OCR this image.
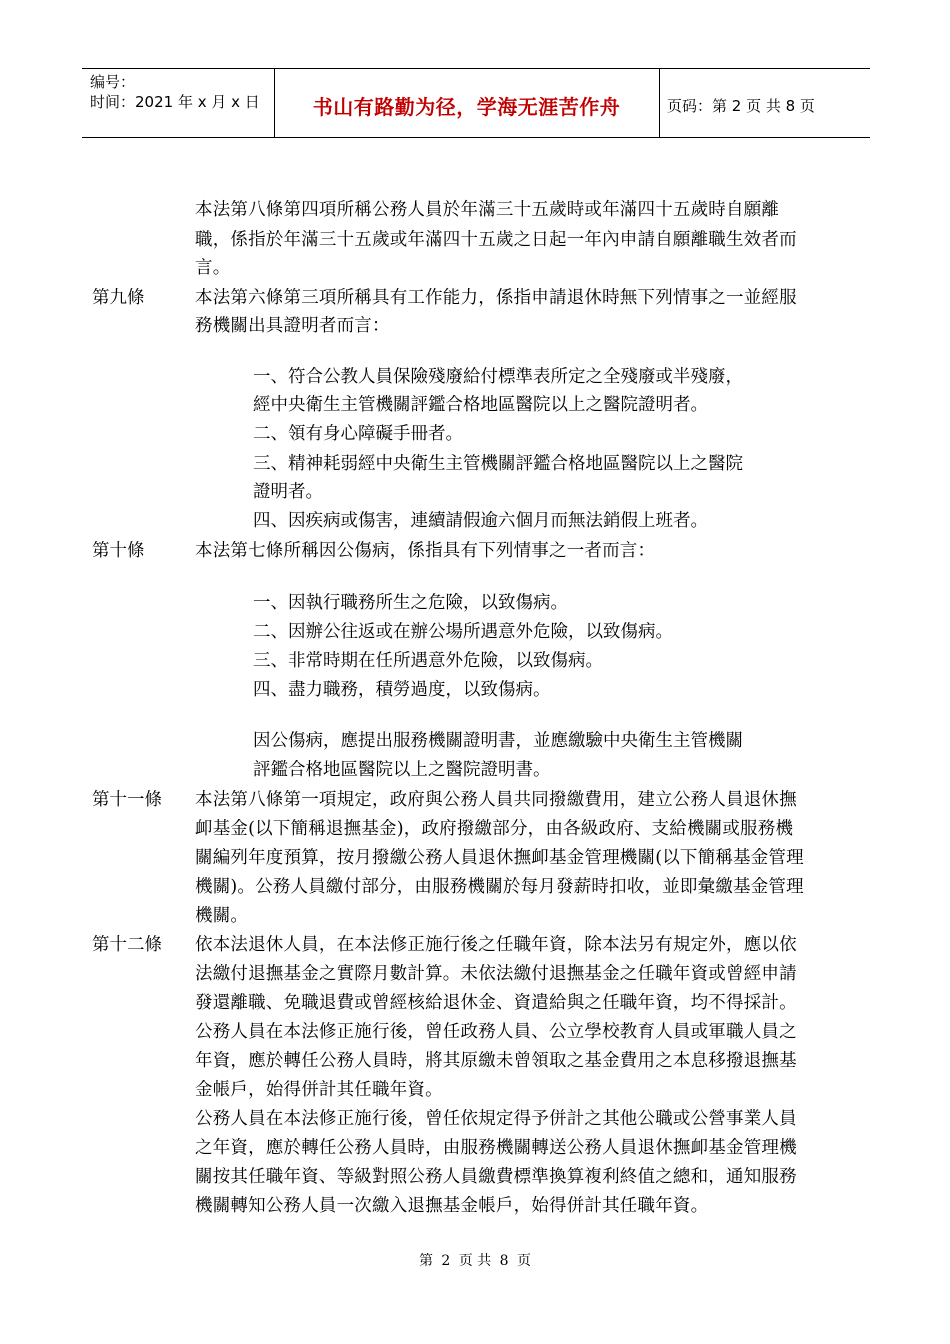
编号：
时间：2021 年 x 月 x 日	书山有路勤为径，学海无涯苦作舟	页码：第 2 页 共 8 页
本法第八條第四項所稱公務人員於年滿三十五歲時或年滿四十五歲時自願離
職，係指於年滿三十五歲或年滿四十五歲之日起一年內申請自願離職生效者而
言。
第九條	本法第六條第三項所稱具有工作能力，係指申請退休時無下列情事之一並經服
務機關出具證明者而言：
一、符合公教人員保險殘廢給付標準表所定之全殘廢或半殘廢，
經中央衛生主管機關評鑑合格地區醫院以上之醫院證明者。
二、領有身心障礙手冊者。
三、精神耗弱經中央衛生主管機關評鑑合格地區醫院以上之醫院
證明者。
四、因疾病或傷害，連續請假逾六個月而無法銷假上班者。
第十條	本法第七條所稱因公傷病，係指具有下列情事之一者而言：
一、因執行職務所生之危險，以致傷病。
二、因辦公往返或在辦公場所遇意外危險，以致傷病。
三、非常時期在任所遇意外危險，以致傷病。
四、盡力職務，積勞過度，以致傷病。
因公傷病，應提出服務機關證明書，並應繳驗中央衛生主管機關
評鑑合格地區醫院以上之醫院證明書。
第十一條 本法第八條第一項規定，政府與公務人員共同撥繳費用，建立公務人員退休撫
卹基金(以下簡稱退撫基金)，政府撥繳部分，由各級政府、支給機關或服務機
關編列年度預算，按月撥繳公務人員退休撫卹基金管理機關(以下簡稱基金管理
機關)。公務人員繳付部分，由服務機關於每月發薪時扣收，並即彙繳基金管理
機關。
第十二條 依本法退休人員，在本法修正施行後之任職年資，除本法另有規定外，應以依
法繳付退撫基金之實際月數計算。未依法繳付退撫基金之任職年資或曾經申請
發還離職、免職退費或曾經核給退休金、資遣給與之任職年資，均不得採計。
公務人員在本法修正施行後，曾任政務人員、公立學校教育人員或軍職人員之
年資，應於轉任公務人員時，將其原繳未曾領取之基金費用之本息移撥退撫基
金帳戶，始得併計其任職年資。
公務人員在本法修正施行後，曾任依規定得予併計之其他公職或公營事業人員
之年資，應於轉任公務人員時，由服務機關轉送公務人員退休撫卹基金管理機
關按其任職年資、等級對照公務人員繳費標準換算複利終值之總和，通知服務
機關轉知公務人員一次繳入退撫基金帳戶，始得併計其任職年資。
第 2 页 共 8 页
